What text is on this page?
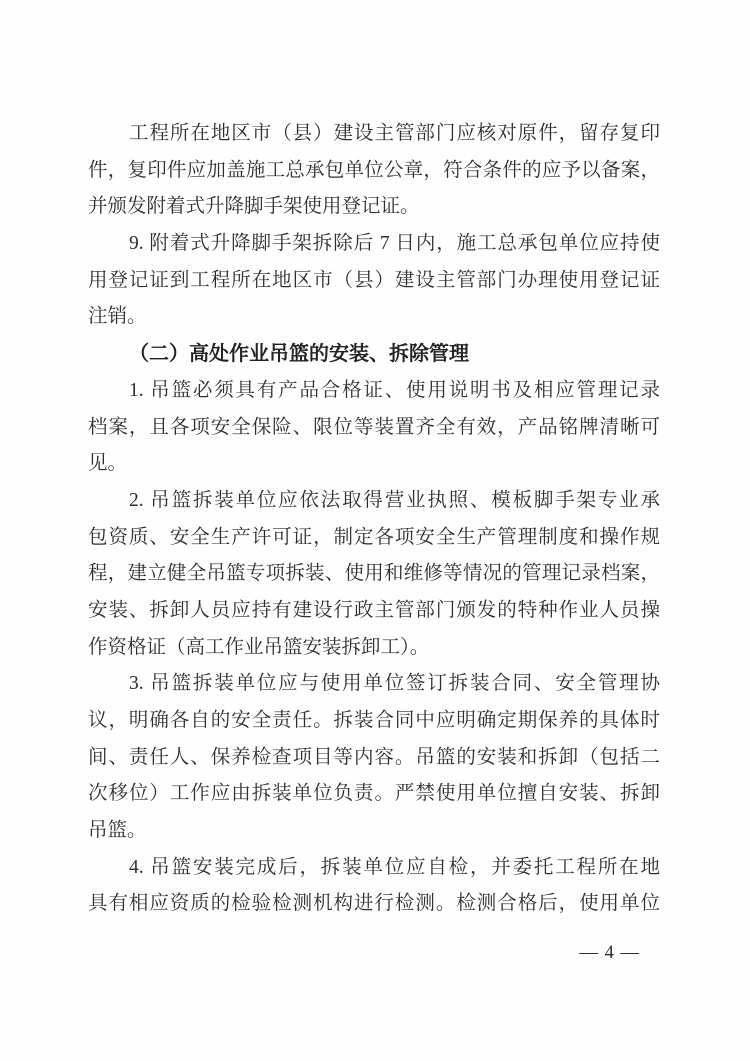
工程所在地区市（县）建设主管部门应核对原件，留存复印
件，复印件应加盖施工总承包单位公章，符合条件的应予以备案，
并颁发附着式升降脚手架使用登记证。
9. 附着式升降脚手架拆除后 7 日内，施工总承包单位应持使
用登记证到工程所在地区市（县）建设主管部门办理使用登记证
注销。
（二）高处作业吊篮的安装、拆除管理
1. 吊篮必须具有产品合格证、使用说明书及相应管理记录
档案，且各项安全保险、限位等装置齐全有效，产品铭牌清晰可
见。
2. 吊篮拆装单位应依法取得营业执照、模板脚手架专业承
包资质、安全生产许可证，制定各项安全生产管理制度和操作规
程，建立健全吊篮专项拆装、使用和维修等情况的管理记录档案，
安装、拆卸人员应持有建设行政主管部门颁发的特种作业人员操
作资格证（高工作业吊篮安装拆卸工）。
3. 吊篮拆装单位应与使用单位签订拆装合同、安全管理协
议，明确各自的安全责任。拆装合同中应明确定期保养的具体时
间、责任人、保养检查项目等内容。吊篮的安装和拆卸（包括二
次移位）工作应由拆装单位负责。严禁使用单位擅自安装、拆卸
吊篮。
4. 吊篮安装完成后，拆装单位应自检，并委托工程所在地
具有相应资质的检验检测机构进行检测。检测合格后，使用单位
— 4 —
